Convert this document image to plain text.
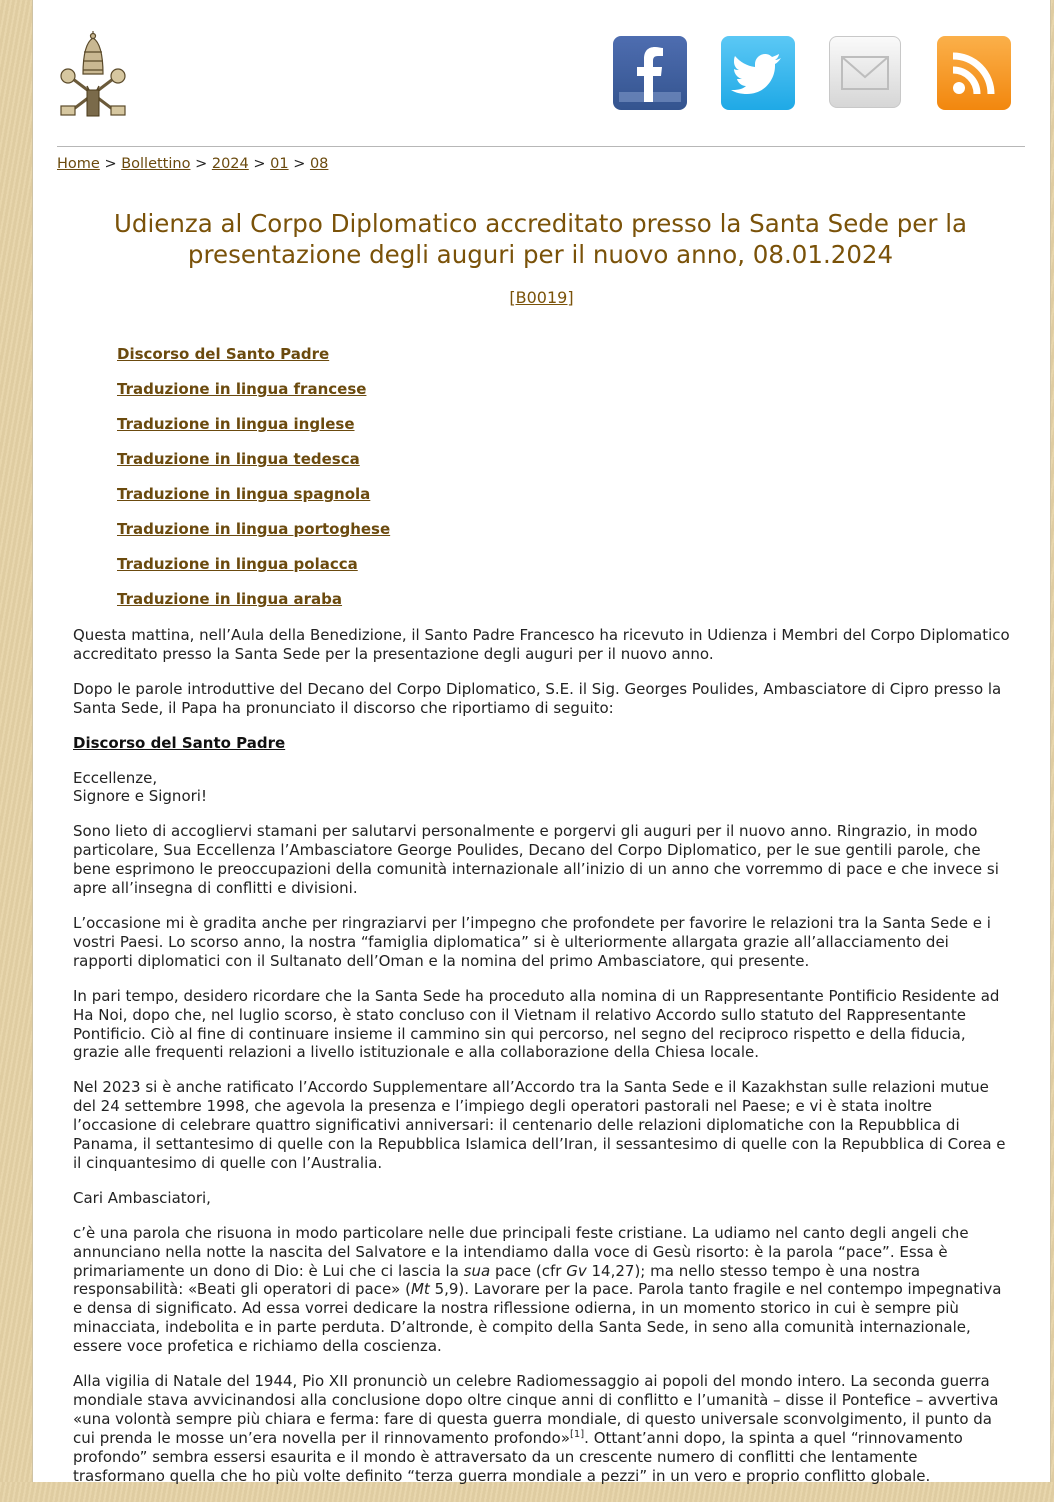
Home > Bollettino > 2024 > 01 > 08
Udienza al Corpo Diplomatico accreditato presso la Santa Sede per la presentazione degli auguri per il nuovo anno, 08.01.2024
[B0019]
Discorso del Santo Padre
Traduzione in lingua francese
Traduzione in lingua inglese
Traduzione in lingua tedesca
Traduzione in lingua spagnola
Traduzione in lingua portoghese
Traduzione in lingua polacca
Traduzione in lingua araba

Questa mattina, nell’Aula della Benedizione, il Santo Padre Francesco ha ricevuto in Udienza i Membri del Corpo Diplomatico accreditato presso la Santa Sede per la presentazione degli auguri per il nuovo anno.

Dopo le parole introduttive del Decano del Corpo Diplomatico, S.E. il Sig. Georges Poulides, Ambasciatore di Cipro presso la Santa Sede, il Papa ha pronunciato il discorso che riportiamo di seguito:

Discorso del Santo Padre

Eccellenze,
Signore e Signori!

Sono lieto di accogliervi stamani per salutarvi personalmente e porgervi gli auguri per il nuovo anno. Ringrazio, in modo particolare, Sua Eccellenza l’Ambasciatore George Poulides, Decano del Corpo Diplomatico, per le sue gentili parole, che bene esprimono le preoccupazioni della comunità internazionale all’inizio di un anno che vorremmo di pace e che invece si apre all’insegna di conflitti e divisioni.

L’occasione mi è gradita anche per ringraziarvi per l’impegno che profondete per favorire le relazioni tra la Santa Sede e i vostri Paesi. Lo scorso anno, la nostra “famiglia diplomatica” si è ulteriormente allargata grazie all’allacciamento dei rapporti diplomatici con il Sultanato dell’Oman e la nomina del primo Ambasciatore, qui presente.

In pari tempo, desidero ricordare che la Santa Sede ha proceduto alla nomina di un Rappresentante Pontificio Residente ad Ha Noi, dopo che, nel luglio scorso, è stato concluso con il Vietnam il relativo Accordo sullo statuto del Rappresentante Pontificio. Ciò al fine di continuare insieme il cammino sin qui percorso, nel segno del reciproco rispetto e della fiducia, grazie alle frequenti relazioni a livello istituzionale e alla collaborazione della Chiesa locale.

Nel 2023 si è anche ratificato l’Accordo Supplementare all’Accordo tra la Santa Sede e il Kazakhstan sulle relazioni mutue del 24 settembre 1998, che agevola la presenza e l’impiego degli operatori pastorali nel Paese; e vi è stata inoltre l’occasione di celebrare quattro significativi anniversari: il centenario delle relazioni diplomatiche con la Repubblica di Panama, il settantesimo di quelle con la Repubblica Islamica dell’Iran, il sessantesimo di quelle con la Repubblica di Corea e il cinquantesimo di quelle con l’Australia.

Cari Ambasciatori,

c’è una parola che risuona in modo particolare nelle due principali feste cristiane. La udiamo nel canto degli angeli che annunciano nella notte la nascita del Salvatore e la intendiamo dalla voce di Gesù risorto: è la parola “pace”. Essa è primariamente un dono di Dio: è Lui che ci lascia la sua pace (cfr Gv 14,27); ma nello stesso tempo è una nostra responsabilità: «Beati gli operatori di pace» (Mt 5,9). Lavorare per la pace. Parola tanto fragile e nel contempo impegnativa e densa di significato. Ad essa vorrei dedicare la nostra riflessione odierna, in un momento storico in cui è sempre più minacciata, indebolita e in parte perduta. D’altronde, è compito della Santa Sede, in seno alla comunità internazionale, essere voce profetica e richiamo della coscienza.

Alla vigilia di Natale del 1944, Pio XII pronunciò un celebre Radiomessaggio ai popoli del mondo intero. La seconda guerra mondiale stava avvicinandosi alla conclusione dopo oltre cinque anni di conflitto e l’umanità – disse il Pontefice – avvertiva «una volontà sempre più chiara e ferma: fare di questa guerra mondiale, di questo universale sconvolgimento, il punto da cui prenda le mosse un’era novella per il rinnovamento profondo»[1]. Ottant’anni dopo, la spinta a quel “rinnovamento profondo” sembra essersi esaurita e il mondo è attraversato da un crescente numero di conflitti che lentamente trasformano quella che ho più volte definito “terza guerra mondiale a pezzi” in un vero e proprio conflitto globale.
